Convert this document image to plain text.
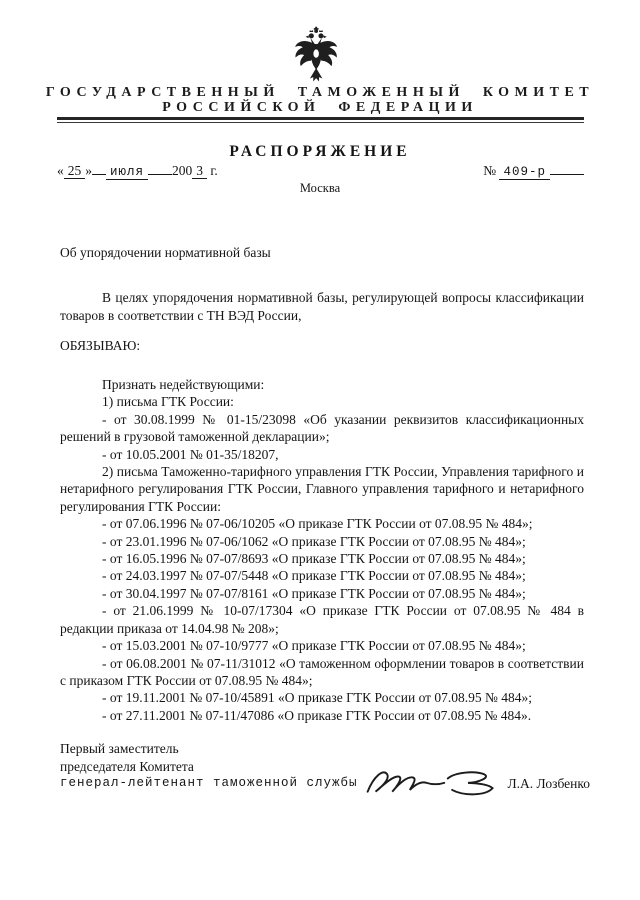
ГОСУДАРСТВЕННЫЙ ТАМОЖЕННЫЙ КОМИТЕТ
РОССИЙСКОЙ ФЕДЕРАЦИИ
РАСПОРЯЖЕНИЕ
« 25 » июля 200 3 г.	№ 409-р
Москва
Об упорядочении нормативной базы
В целях упорядочения нормативной базы, регулирующей вопросы классификации товаров в соответствии с ТН ВЭД России,
ОБЯЗЫВАЮ:

Признать недействующими:

1) письма ГТК России:

- от 30.08.1999 № 01-15/23098 «Об указании реквизитов классификационных решений в грузовой таможенной декларации»;

- от 10.05.2001 № 01-35/18207,

2) письма Таможенно-тарифного управления ГТК России, Управления тарифного и нетарифного регулирования ГТК России, Главного управления тарифного и нетарифного регулирования ГТК России:

- от 07.06.1996 № 07-06/10205 «О приказе ГТК России от 07.08.95 № 484»;

- от 23.01.1996 № 07-06/1062 «О приказе ГТК России от 07.08.95 № 484»;

- от 16.05.1996 № 07-07/8693 «О приказе ГТК России от 07.08.95 № 484»;

- от 24.03.1997 № 07-07/5448 «О приказе ГТК России от 07.08.95 № 484»;

- от 30.04.1997 № 07-07/8161 «О приказе ГТК России от 07.08.95 № 484»;

- от 21.06.1999 № 10-07/17304 «О приказе ГТК России от 07.08.95 № 484 в редакции приказа от 14.04.98 № 208»;

- от 15.03.2001 № 07-10/9777 «О приказе ГТК России от 07.08.95 № 484»;

- от 06.08.2001 № 07-11/31012 «О таможенном оформлении товаров в соответствии с приказом ГТК России от 07.08.95 № 484»;

- от 19.11.2001 № 07-10/45891 «О приказе ГТК России от 07.08.95 № 484»;

- от 27.11.2001 № 07-11/47086 «О приказе ГТК России от 07.08.95 № 484».

Первый заместитель
председателя Комитета
генерал-лейтенант таможенной службы	Л.А. Лозбенко
